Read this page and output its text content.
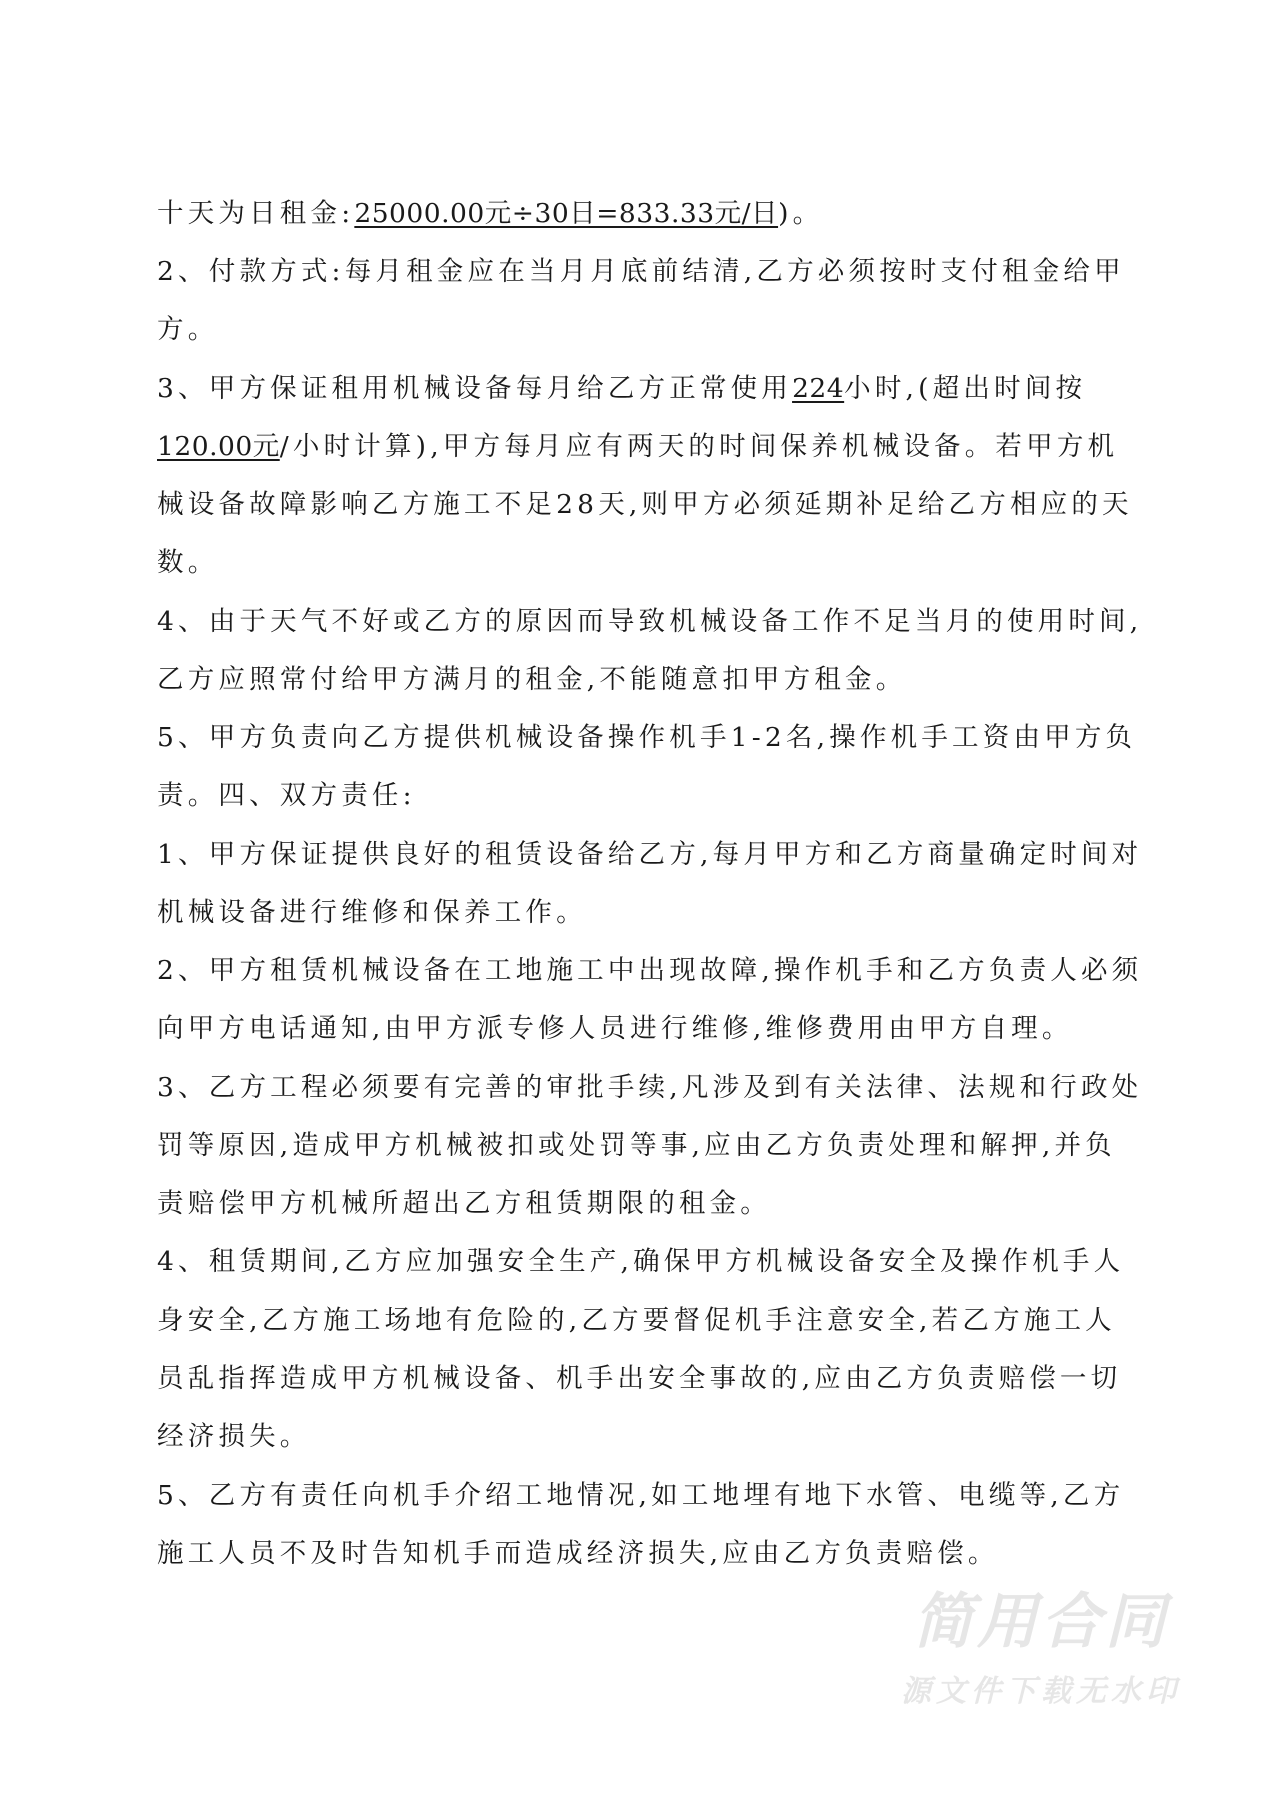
十天为日租金:25000.00元÷30日=833.33元/日)。
2、付款方式:每月租金应在当月月底前结清,乙方必须按时支付租金给甲
方。
3、甲方保证租用机械设备每月给乙方正常使用224小时,(超出时间按
120.00元/小时计算),甲方每月应有两天的时间保养机械设备。若甲方机
械设备故障影响乙方施工不足28天,则甲方必须延期补足给乙方相应的天
数。
4、由于天气不好或乙方的原因而导致机械设备工作不足当月的使用时间,
乙方应照常付给甲方满月的租金,不能随意扣甲方租金。
5、甲方负责向乙方提供机械设备操作机手1-2名,操作机手工资由甲方负
责。四、双方责任:
1、甲方保证提供良好的租赁设备给乙方,每月甲方和乙方商量确定时间对
机械设备进行维修和保养工作。
2、甲方租赁机械设备在工地施工中出现故障,操作机手和乙方负责人必须
向甲方电话通知,由甲方派专修人员进行维修,维修费用由甲方自理。
3、乙方工程必须要有完善的审批手续,凡涉及到有关法律、法规和行政处
罚等原因,造成甲方机械被扣或处罚等事,应由乙方负责处理和解押,并负
责赔偿甲方机械所超出乙方租赁期限的租金。
4、租赁期间,乙方应加强安全生产,确保甲方机械设备安全及操作机手人
身安全,乙方施工场地有危险的,乙方要督促机手注意安全,若乙方施工人
员乱指挥造成甲方机械设备、机手出安全事故的,应由乙方负责赔偿一切
经济损失。
5、乙方有责任向机手介绍工地情况,如工地埋有地下水管、电缆等,乙方
施工人员不及时告知机手而造成经济损失,应由乙方负责赔偿。
简用合同
源文件下载无水印
